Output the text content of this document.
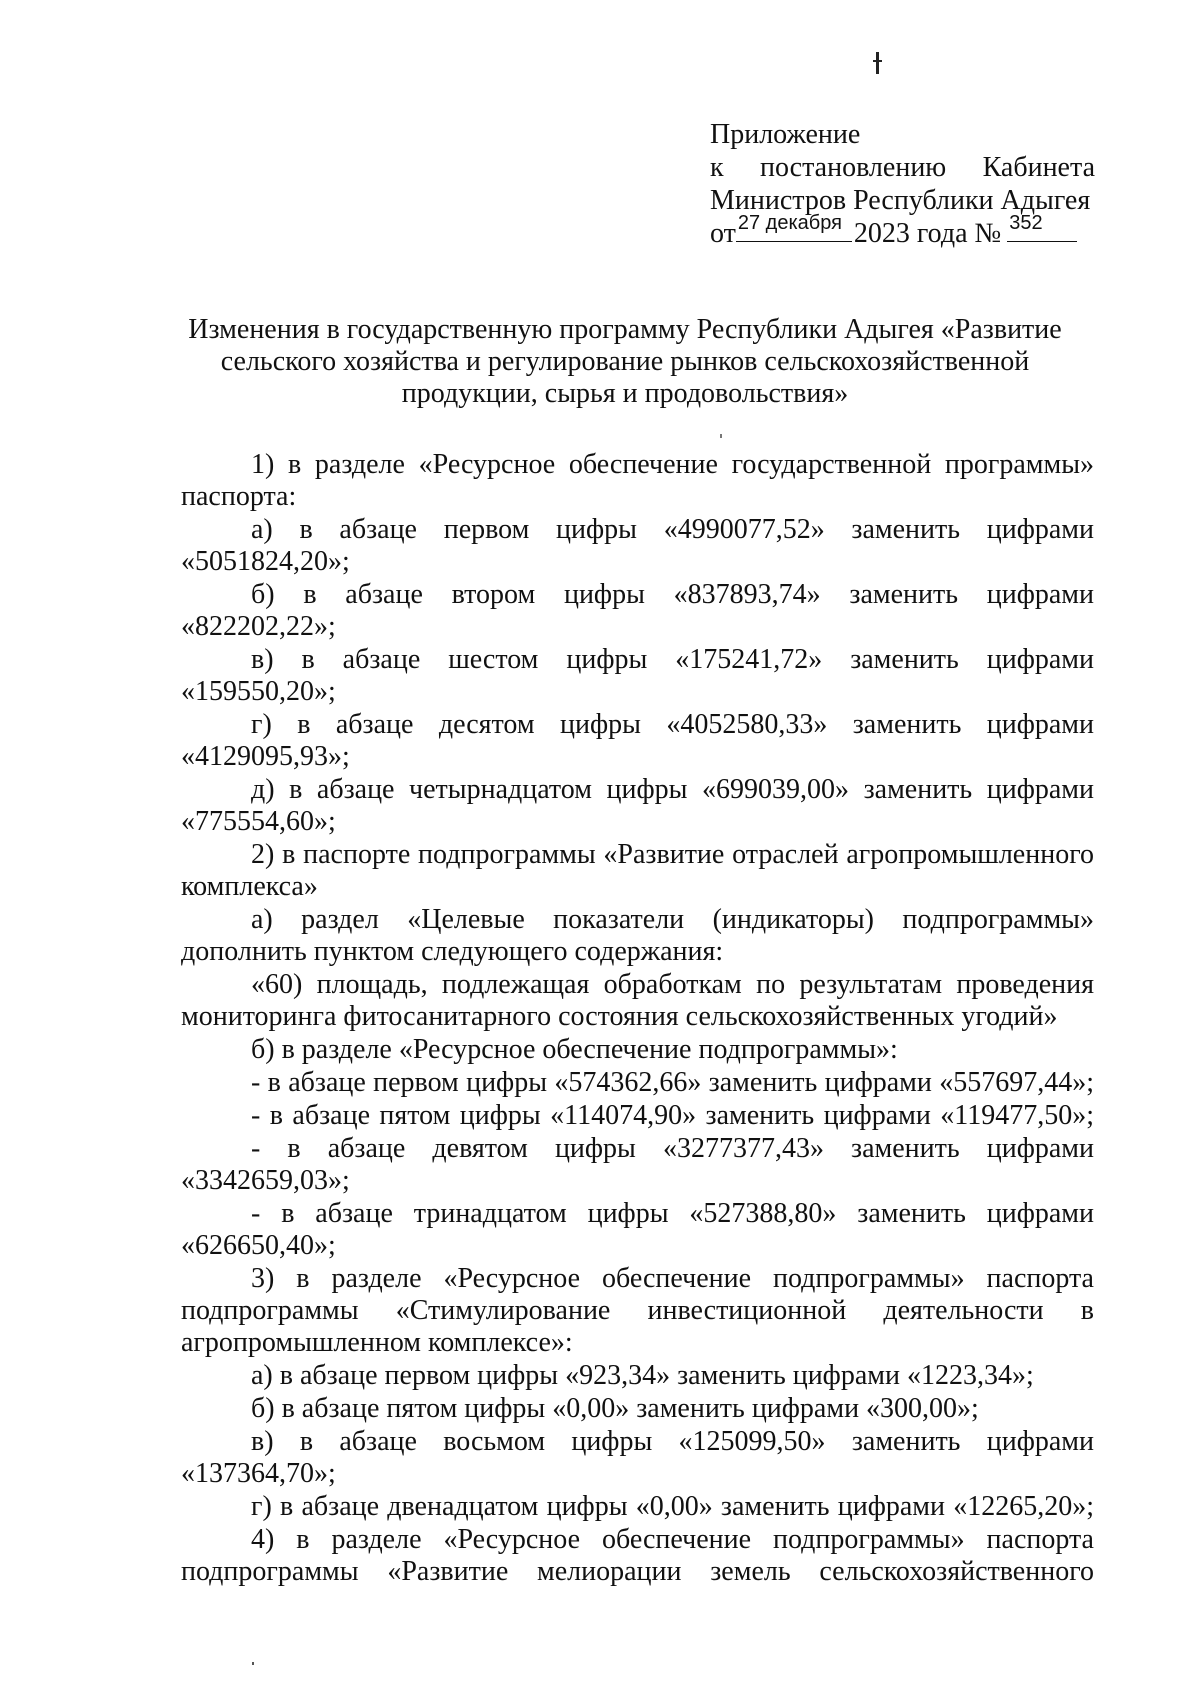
Приложение
к постановлению Кабинета
Министров Республики Адыгея
от 27 декабря 2023 года № 352
Изменения в государственную программу Республики Адыгея «Развитие
сельского хозяйства и регулирование рынков сельскохозяйственной
продукции, сырья и продовольствия»

1) в разделе «Ресурсное обеспечение государственной программы» паспорта:

а) в абзаце первом цифры «4990077,52» заменить цифрами «5051824,20»;

б) в абзаце втором цифры «837893,74» заменить цифрами «822202,22»;

в) в абзаце шестом цифры «175241,72» заменить цифрами «159550,20»;

г) в абзаце десятом цифры «4052580,33» заменить цифрами «4129095,93»;

д) в абзаце четырнадцатом цифры «699039,00» заменить цифрами «775554,60»;

2) в паспорте подпрограммы «Развитие отраслей агропромышленного комплекса»

а) раздел «Целевые показатели (индикаторы) подпрограммы» дополнить пунктом следующего содержания:

«60) площадь, подлежащая обработкам по результатам проведения мониторинга фитосанитарного состояния сельскохозяйственных угодий»

б) в разделе «Ресурсное обеспечение подпрограммы»:

- в абзаце первом цифры «574362,66» заменить цифрами «557697,44»;

- в абзаце пятом цифры «114074,90» заменить цифрами «119477,50»;

- в абзаце девятом цифры «3277377,43» заменить цифрами «3342659,03»;

- в абзаце тринадцатом цифры «527388,80» заменить цифрами «626650,40»;

3) в разделе «Ресурсное обеспечение подпрограммы» паспорта подпрограммы «Стимулирование инвестиционной деятельности в агропромышленном комплексе»:

а) в абзаце первом цифры «923,34» заменить цифрами «1223,34»;

б) в абзаце пятом цифры «0,00» заменить цифрами «300,00»;

в) в абзаце восьмом цифры «125099,50» заменить цифрами «137364,70»;

г) в абзаце двенадцатом цифры «0,00» заменить цифрами «12265,20»;

4) в разделе «Ресурсное обеспечение подпрограммы» паспорта подпрограммы «Развитие мелиорации земель сельскохозяйственного
